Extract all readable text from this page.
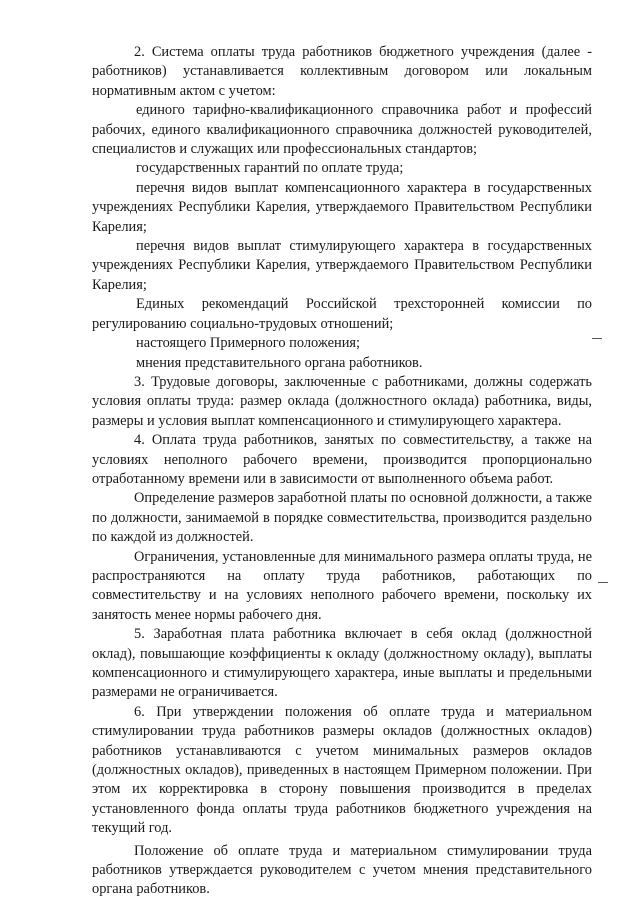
2. Система оплаты труда работников бюджетного учреждения (далее - работников) устанавливается коллективным договором или локальным нормативным актом с учетом:

единого тарифно-квалификационного справочника работ и профессий рабочих, единого квалификационного справочника должностей руководителей, специалистов и служащих или профессиональных стандартов;

государственных гарантий по оплате труда;

перечня видов выплат компенсационного характера в государственных учреждениях Республики Карелия, утверждаемого Правительством Республики Карелия;

перечня видов выплат стимулирующего характера в государственных учреждениях Республики Карелия, утверждаемого Правительством Республики Карелия;

Единых рекомендаций Российской трехсторонней комиссии по регулированию социально-трудовых отношений;

настоящего Примерного положения;

мнения представительного органа работников.

3. Трудовые договоры, заключенные с работниками, должны содержать условия оплаты труда: размер оклада (должностного оклада) работника, виды, размеры и условия выплат компенсационного и стимулирующего характера.

4. Оплата труда работников, занятых по совместительству, а также на условиях неполного рабочего времени, производится пропорционально отработанному времени или в зависимости от выполненного объема работ.

Определение размеров заработной платы по основной должности, а также по должности, занимаемой в порядке совместительства, производится раздельно по каждой из должностей.

Ограничения, установленные для минимального размера оплаты труда, не распространяются на оплату труда работников, работающих по совместительству и на условиях неполного рабочего времени, поскольку их занятость менее нормы рабочего дня.

5. Заработная плата работника включает в себя оклад (должностной оклад), повышающие коэффициенты к окладу (должностному окладу), выплаты компенсационного и стимулирующего характера, иные выплаты и предельными размерами не ограничивается.

6. При утверждении положения об оплате труда и материальном стимулировании труда работников размеры окладов (должностных окладов) работников устанавливаются с учетом минимальных размеров окладов (должностных окладов), приведенных в настоящем Примерном положении. При этом их корректировка в сторону повышения производится в пределах установленного фонда оплаты труда работников бюджетного учреждения на текущий год.

Положение об оплате труда и материальном стимулировании труда работников утверждается руководителем с учетом мнения представительного органа работников.
